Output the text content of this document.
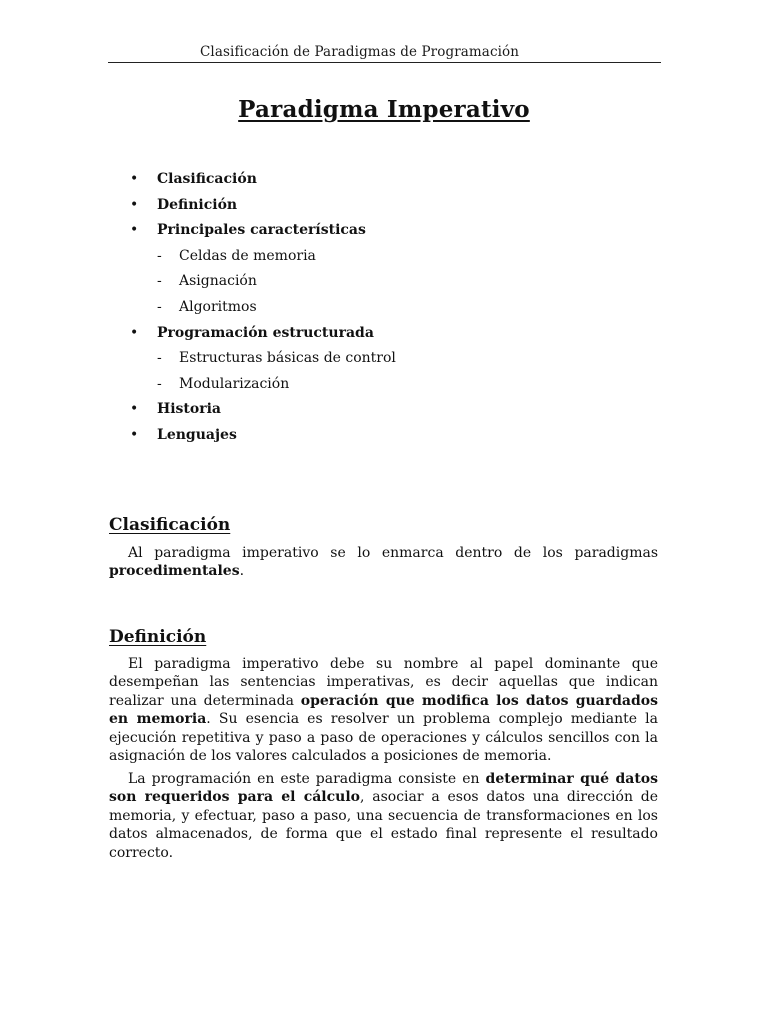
Clasificación de Paradigmas de Programación
Paradigma Imperativo
• Clasificación
• Definición
• Principales características
- Celdas de memoria
- Asignación
- Algoritmos
• Programación estructurada
- Estructuras básicas de control
- Modularización
• Historia
• Lenguajes
Clasificación

Al paradigma imperativo se lo enmarca dentro de los paradigmas procedimentales.

Definición

El paradigma imperativo debe su nombre al papel dominante que desempeñan las sentencias imperativas, es decir aquellas que indican realizar una determinada operación que modifica los datos guardados en memoria. Su esencia es resolver un problema complejo mediante la ejecución repetitiva y paso a paso de operaciones y cálculos sencillos con la asignación de los valores calculados a posiciones de memoria.

La programación en este paradigma consiste en determinar qué datos son requeridos para el cálculo, asociar a esos datos una dirección de memoria, y efectuar, paso a paso, una secuencia de transformaciones en los datos almacenados, de forma que el estado final represente el resultado correcto.
